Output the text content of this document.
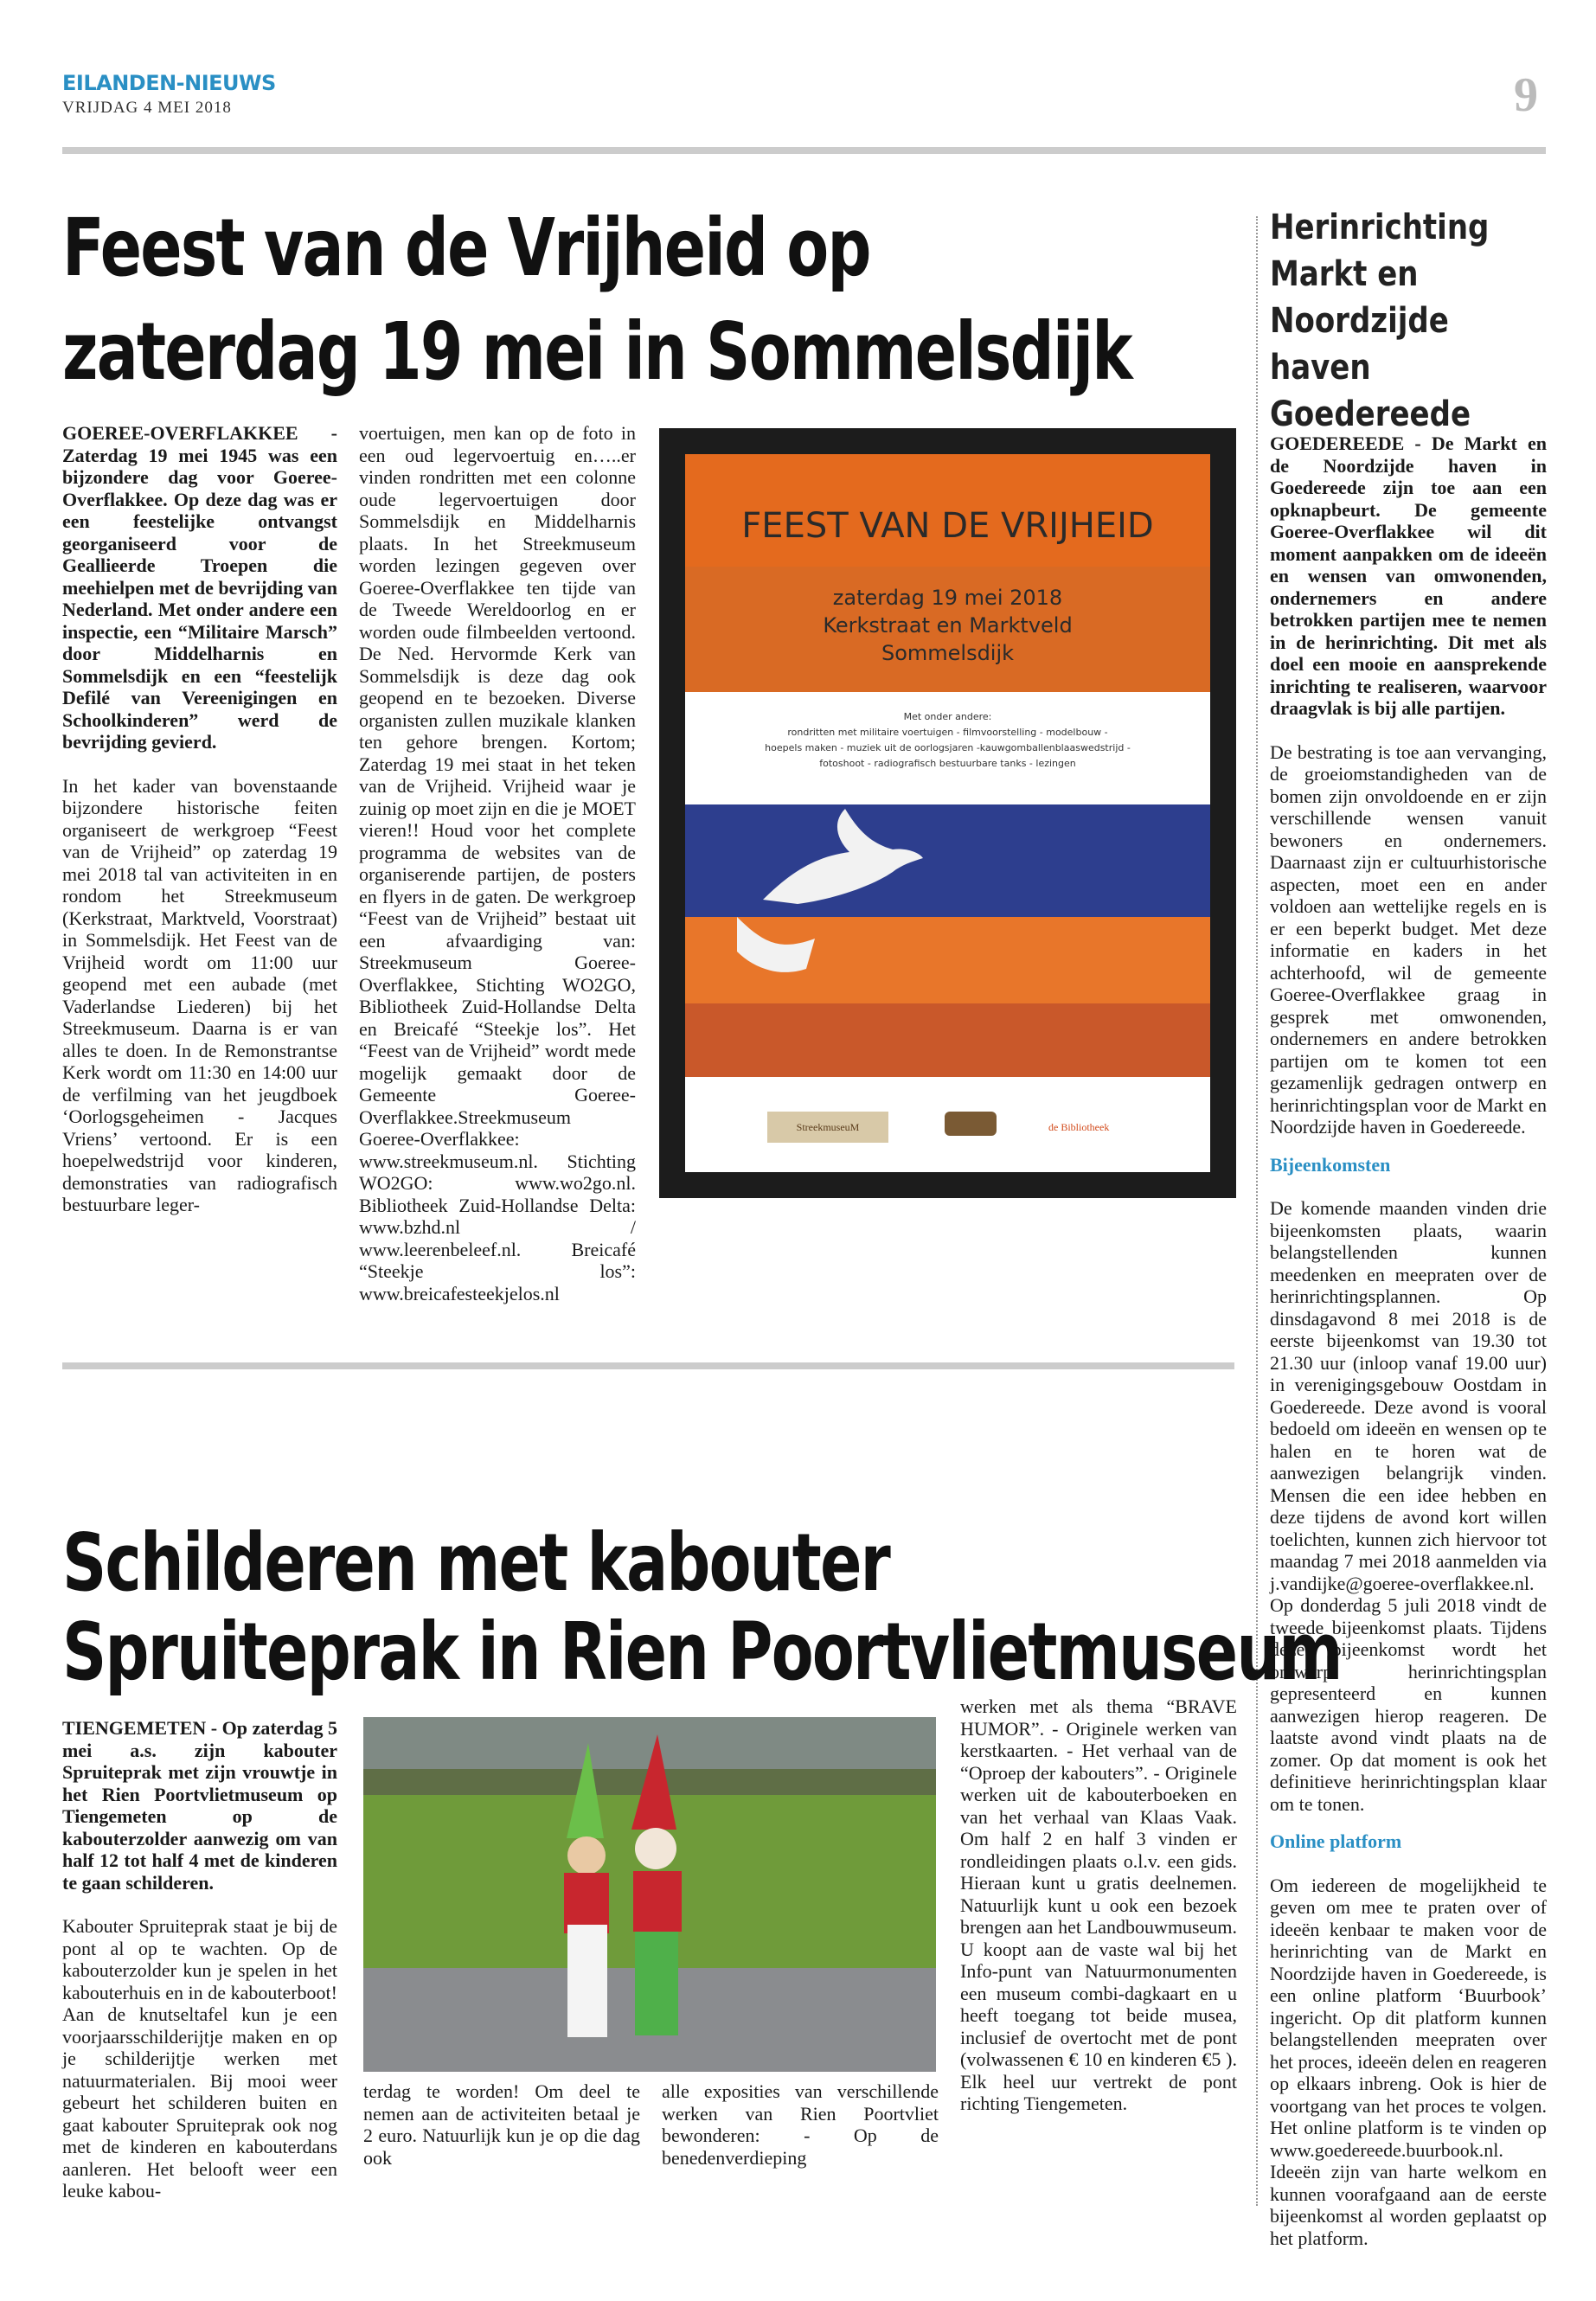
EILANDEN-NIEUWS
VRIJDAG 4 MEI 2018	9
Feest van de Vrijheid op
zaterdag 19 mei in Sommelsdijk

GOEREE-OVERFLAKKEE - Zaterdag 19 mei 1945 was een bijzondere dag voor Goeree-Overflakkee. Op deze dag was er een feestelijke ontvangst georganiseerd voor de Geallieerde Troepen die meehielpen met de bevrijding van Nederland. Met onder andere een inspectie, een “Militaire Marsch” door Middelharnis en Sommelsdijk en een “feestelijk Defilé van Vereenigingen en Schoolkinderen” werd de bevrijding gevierd.

In het kader van bovenstaande bijzondere historische feiten organiseert de werkgroep “Feest van de Vrijheid” op zaterdag 19 mei 2018 tal van activiteiten in en rondom het Streekmuseum (Kerkstraat, Marktveld, Voorstraat) in Sommelsdijk. Het Feest van de Vrijheid wordt om 11:00 uur geopend met een aubade (met Vaderlandse Liederen) bij het Streekmuseum. Daarna is er van alles te doen. In de Remonstrantse Kerk wordt om 11:30 en 14:00 uur de verfilming van het jeugdboek ‘Oorlogsgeheimen - Jacques Vriens’ vertoond. Er is een hoepelwedstrijd voor kinderen, demonstraties van radiografisch bestuurbare leger-

voertuigen, men kan op de foto in een oud legervoertuig en…..er vinden rondritten met een colonne oude legervoertuigen door Sommelsdijk en Middelharnis plaats. In het Streekmuseum worden lezingen gegeven over Goeree-Overflakkee ten tijde van de Tweede Wereldoorlog en er worden oude filmbeelden vertoond. De Ned. Hervormde Kerk van Sommelsdijk is deze dag ook geopend en te bezoeken. Diverse organisten zullen muzikale klanken ten gehore brengen. Kortom; Zaterdag 19 mei staat in het teken van de Vrijheid. Vrijheid waar je zuinig op moet zijn en die je MOET vieren!! Houd voor het complete programma de websites van de organiserende partijen, de posters en flyers in de gaten. De werkgroep “Feest van de Vrijheid” bestaat uit een afvaardiging van: Streekmuseum Goeree-Overflakkee, Stichting WO2GO, Bibliotheek Zuid-Hollandse Delta en Breicafé “Steekje los”. Het “Feest van de Vrijheid” wordt mede mogelijk gemaakt door de Gemeente Goeree-Overflakkee.Streekmuseum Goeree-Overflakkee: www.streekmuseum.nl. Stichting WO2GO: www.wo2go.nl. Bibliotheek Zuid-Hollandse Delta: www.bzhd.nl / www.leerenbeleef.nl. Breicafé “Steekje los”: www.breicafesteekjelos.nl

FEEST VAN DE VRIJHEID
zaterdag 19 mei 2018
Kerkstraat en Marktveld
Sommelsdijk
Met onder andere:
rondritten met militaire voertuigen - filmvoorstelling - modelbouw -
hoepels maken - muziek uit de oorlogsjaren -kauwgomballenblaaswedstrijd -
fotoshoot - radiografisch bestuurbare tanks - lezingen
StreekmuseuM	de Bibliotheek
Herinrichting Markt en Noordzijde haven Goedereede

GOEDEREEDE - De Markt en de Noordzijde haven in Goedereede zijn toe aan een opknapbeurt. De gemeente Goeree-Overflakkee wil dit moment aanpakken om de ideeën en wensen van omwonenden, ondernemers en andere betrokken partijen mee te nemen in de herinrichting. Dit met als doel een mooie en aansprekende inrichting te realiseren, waarvoor draagvlak is bij alle partijen.

De bestrating is toe aan vervanging, de groeiomstandigheden van de bomen zijn onvoldoende en er zijn verschillende wensen vanuit bewoners en ondernemers. Daarnaast zijn er cultuurhistorische aspecten, moet een en ander voldoen aan wettelijke regels en is er een beperkt budget. Met deze informatie en kaders in het achterhoofd, wil de gemeente Goeree-Overflakkee graag in gesprek met omwonenden, ondernemers en andere betrokken partijen om te komen tot een gezamenlijk gedragen ontwerp en herinrichtingsplan voor de Markt en Noordzijde haven in Goedereede.

Bijeenkomsten

De komende maanden vinden drie bijeenkomsten plaats, waarin belangstellenden kunnen meedenken en meepraten over de herinrichtingsplannen. Op dinsdagavond 8 mei 2018 is de eerste bijeenkomst van 19.30 tot 21.30 uur (inloop vanaf 19.00 uur) in verenigingsgebouw Oostdam in Goedereede. Deze avond is vooral bedoeld om ideeën en wensen op te halen en te horen wat de aanwezigen belangrijk vinden. Mensen die een idee hebben en deze tijdens de avond kort willen toelichten, kunnen zich hiervoor tot maandag 7 mei 2018 aanmelden via j.vandijke@goeree-overflakkee.nl. Op donderdag 5 juli 2018 vindt de tweede bijeenkomst plaats. Tijdens deze bijeenkomst wordt het ontwerp herinrichtingsplan gepresenteerd en kunnen aanwezigen hierop reageren. De laatste avond vindt plaats na de zomer. Op dat moment is ook het definitieve herinrichtingsplan klaar om te tonen.

Online platform

Om iedereen de mogelijkheid te geven om mee te praten over of ideeën kenbaar te maken voor de herinrichting van de Markt en Noordzijde haven in Goedereede, is een online platform ‘Buurbook’ ingericht. Op dit platform kunnen belangstellenden meepraten over het proces, ideeën delen en reageren op elkaars inbreng. Ook is hier de voortgang van het proces te volgen. Het online platform is te vinden op www.goedereede.buurbook.nl. Ideeën zijn van harte welkom en kunnen voorafgaand aan de eerste bijeenkomst al worden geplaatst op het platform.

Schilderen met kabouter
Spruiteprak in Rien Poortvlietmuseum

TIENGEMETEN - Op zaterdag 5 mei a.s. zijn kabouter Spruiteprak met zijn vrouwtje in het Rien Poortvlietmuseum op Tiengemeten op de kabouterzolder aanwezig om van half 12 tot half 4 met de kinderen te gaan schilderen.

Kabouter Spruiteprak staat je bij de pont al op te wachten. Op de kabouterzolder kun je spelen in het kabouterhuis en in de kabouterboot! Aan de knutseltafel kun je een voorjaarsschilderijtje maken en op je schilderijtje werken met natuurmaterialen. Bij mooi weer gebeurt het schilderen buiten en gaat kabouter Spruiteprak ook nog met de kinderen en kabouterdans aanleren. Het belooft weer een leuke kabou-

terdag te worden! Om deel te nemen aan de activiteiten betaal je 2 euro. Natuurlijk kun je op die dag ook

alle exposities van verschillende werken van Rien Poortvliet bewonderen: - Op de benedenverdieping

werken met als thema “BRAVE HUMOR”. - Originele werken van kerstkaarten. - Het verhaal van de “Oproep der kabouters”. - Originele werken uit de kabouterboeken en van het verhaal van Klaas Vaak. Om half 2 en half 3 vinden er rondleidingen plaats o.l.v. een gids. Hieraan kunt u gratis deelnemen. Natuurlijk kunt u ook een bezoek brengen aan het Landbouwmuseum. U koopt aan de vaste wal bij het Info-punt van Natuurmonumenten een museum combi-dagkaart en u heeft toegang tot beide musea, inclusief de overtocht met de pont (volwassenen € 10 en kinderen €5 ). Elk heel uur vertrekt de pont richting Tiengemeten.
